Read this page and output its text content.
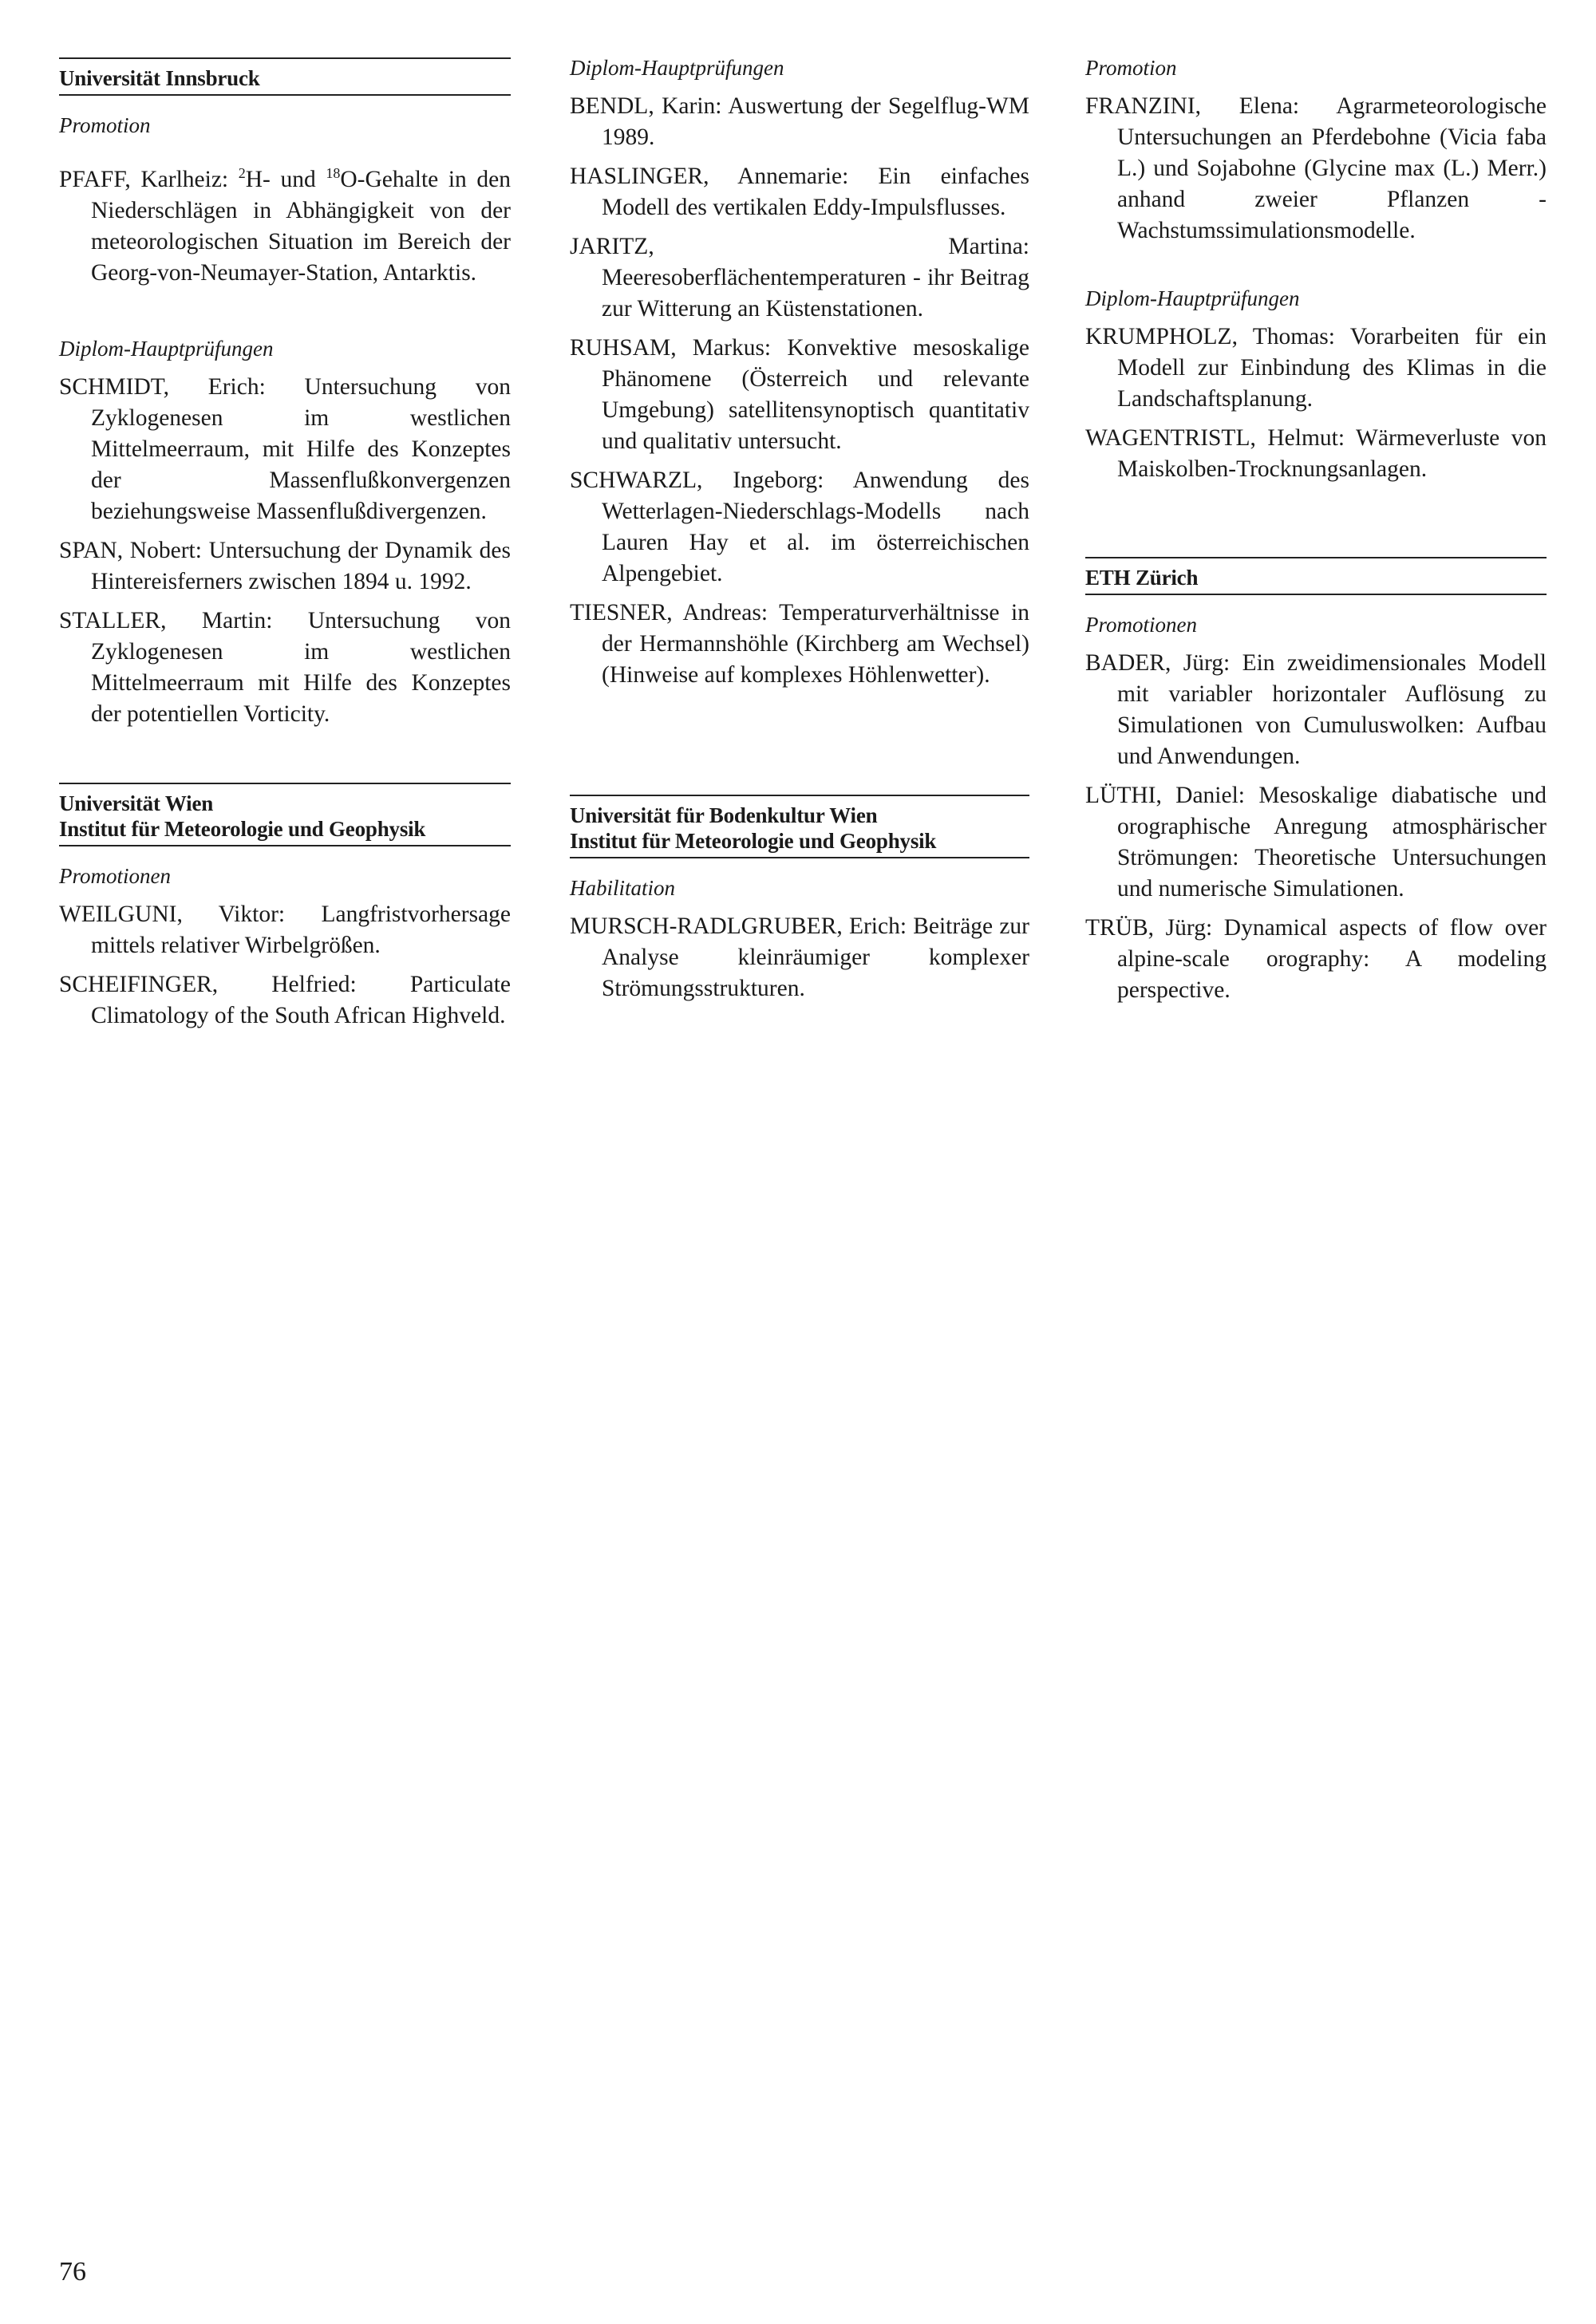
Universität Innsbruck
Promotion

PFAFF, Karlheiz: $^2$H- und $^{18}$O-Gehalte in den Niederschlägen in Abhängigkeit von der meteorologischen Situation im Bereich der Georg-von-Neumayer-Station, Antarktis.

Diplom-Hauptprüfungen

SCHMIDT, Erich: Untersuchung von Zyklogenesen im westlichen Mittelmeerraum, mit Hilfe des Konzeptes der Massenflußkonvergenzen beziehungsweise Massenflußdivergenzen.

SPAN, Nobert: Untersuchung der Dynamik des Hintereisferners zwischen 1894 u. 1992.

STALLER, Martin: Untersuchung von Zyklogenesen im westlichen Mittelmeerraum mit Hilfe des Konzeptes der potentiellen Vorticity.

Universität Wien
Institut für Meteorologie und Geophysik
Promotionen

WEILGUNI, Viktor: Langfristvorhersage mittels relativer Wirbelgrößen.

SCHEIFINGER, Helfried: Particulate Climatology of the South African Highveld.

Diplom-Hauptprüfungen

BENDL, Karin: Auswertung der Segelflug-WM 1989.

HASLINGER, Annemarie: Ein einfaches Modell des vertikalen Eddy-Impulsflusses.

JARITZ, Martina: Meeresoberflächentemperaturen - ihr Beitrag zur Witterung an Küstenstationen.

RUHSAM, Markus: Konvektive mesoskalige Phänomene (Österreich und relevante Umgebung) satellitensynoptisch quantitativ und qualitativ untersucht.

SCHWARZL, Ingeborg: Anwendung des Wetterlagen-Niederschlags-Modells nach Lauren Hay et al. im österreichischen Alpengebiet.

TIESNER, Andreas: Temperaturverhältnisse in der Hermannshöhle (Kirchberg am Wechsel) (Hinweise auf komplexes Höhlenwetter).

Universität für Bodenkultur Wien
Institut für Meteorologie und Geophysik
Habilitation

MURSCH-RADLGRUBER, Erich: Beiträge zur Analyse kleinräumiger komplexer Strömungsstrukturen.

Promotion

FRANZINI, Elena: Agrarmeteorologische Untersuchungen an Pferdebohne (Vicia faba L.) und Sojabohne (Glycine max (L.) Merr.) anhand zweier Pflanzen - Wachstumssimulationsmodelle.

Diplom-Hauptprüfungen

KRUMPHOLZ, Thomas: Vorarbeiten für ein Modell zur Einbindung des Klimas in die Landschaftsplanung.

WAGENTRISTL, Helmut: Wärmeverluste von Maiskolben-Trocknungsanlagen.

ETH Zürich
Promotionen

BADER, Jürg: Ein zweidimensionales Modell mit variabler horizontaler Auflösung zu Simulationen von Cumuluswolken: Aufbau und Anwendungen.

LÜTHI, Daniel: Mesoskalige diabatische und orographische Anregung atmosphärischer Strömungen: Theoretische Untersuchungen und numerische Simulationen.

TRÜB, Jürg: Dynamical aspects of flow over alpine-scale orography: A modeling perspective.

76
